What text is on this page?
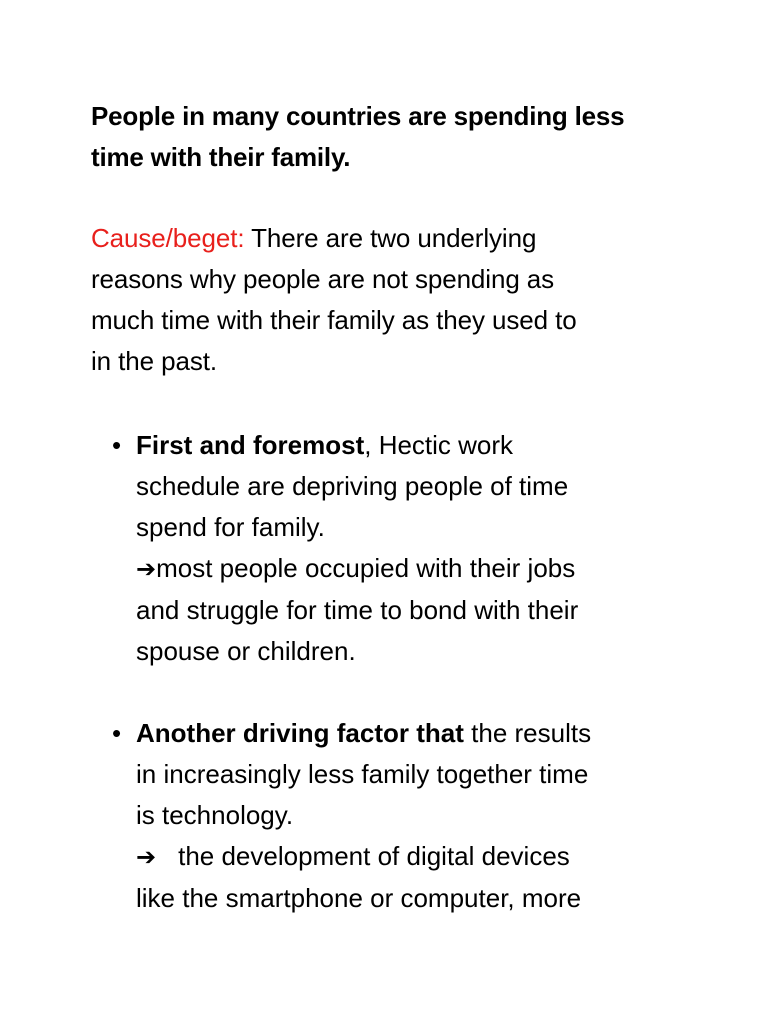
People in many countries are spending less
time with their family.
Cause/beget: There are two underlying
reasons why people are not spending as
much time with their family as they used to
in the past.
• First and foremost, Hectic work
schedule are depriving people of time
spend for family.
➔most people occupied with their jobs
and struggle for time to bond with their
spouse or children.
• Another driving factor that the results
in increasingly less family together time
is technology.
➔ the development of digital devices
like the smartphone or computer, more
